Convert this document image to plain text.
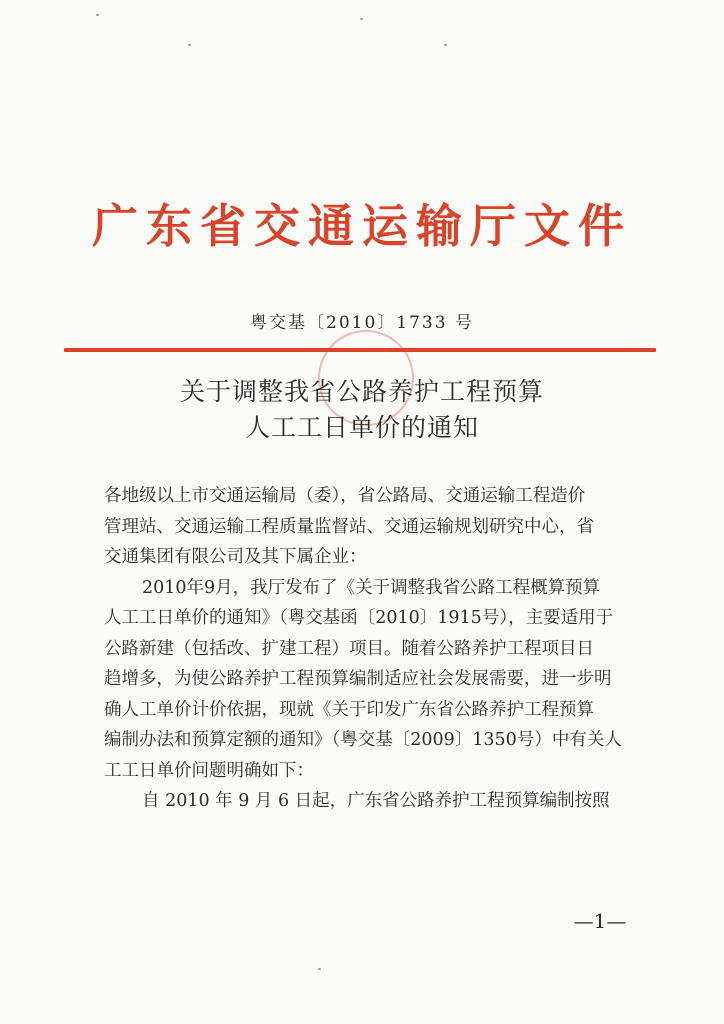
广东省交通运输厅文件
粤交基〔2010〕1733 号
关于调整我省公路养护工程预算
人工工日单价的通知
各地级以上市交通运输局（委），省公路局、交通运输工程造价
管理站、交通运输工程质量监督站、交通运输规划研究中心，省
交通集团有限公司及其下属企业：
2010年9月，我厅发布了《关于调整我省公路工程概算预算
人工工日单价的通知》（粤交基函〔2010〕1915号），主要适用于
公路新建（包括改、扩建工程）项目。随着公路养护工程项目日
趋增多，为使公路养护工程预算编制适应社会发展需要，进一步明
确人工单价计价依据，现就《关于印发广东省公路养护工程预算
编制办法和预算定额的通知》（粤交基〔2009〕1350号）中有关人
工工日单价问题明确如下：
自 2010 年 9 月 6 日起，广东省公路养护工程预算编制按照
—1—
